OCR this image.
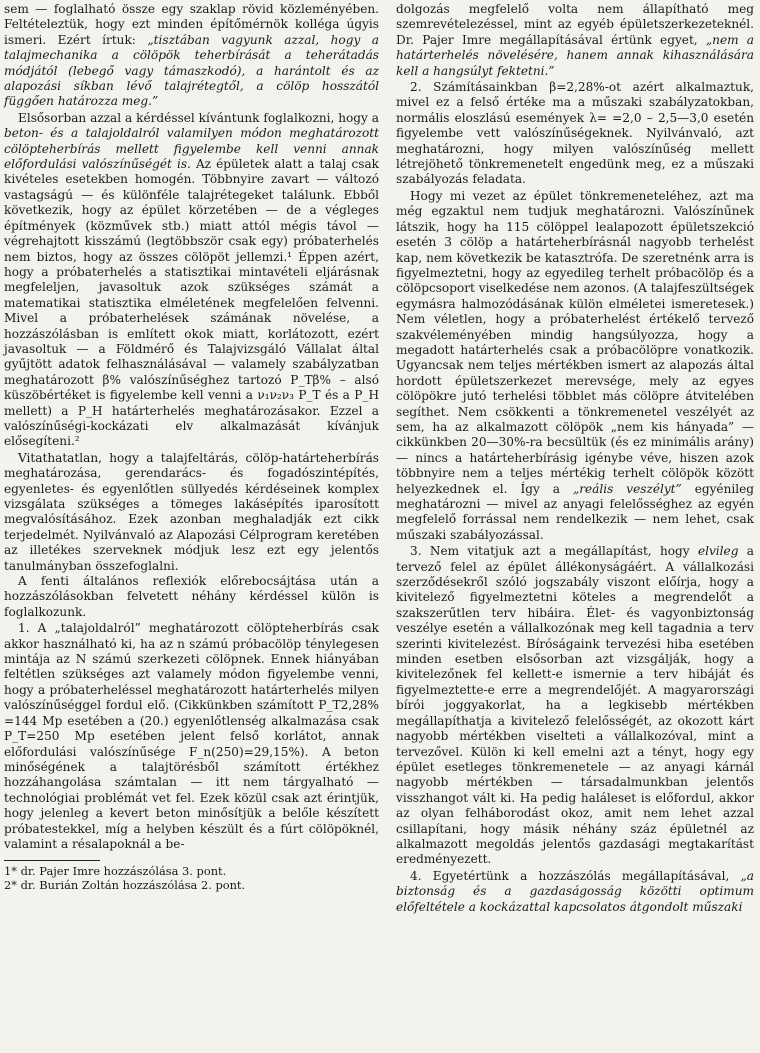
sem — foglalható össze egy szaklap rövid közleményében. Feltételeztük, hogy ezt minden építőmérnök kollégа úgyis ismeri. Ezért írtuk: „tisztában vagyunk azzal, hogy a talajmechanika a cölöpök teherbírását a teherátadás módjától (lebegő vagy támaszkodó), a harántolt és az alapozási síkban lévő talajrétegtől, a cölöp hosszától függően határozza meg.”

Elsősorban azzal a kérdéssel kívántunk foglalkozni, hogy a beton- és a talajoldalról valamilyen módon meghatározott cölöpteherbírás mellett figyelembe kell venni annak előfordulási valószínűségét is. Az épületek alatt a talaj csak kivételes esetekben homogén. Többnyire zavart — változó vastagságú — és különféle talajrétegeket találunk. Ebből következik, hogy az épület körzetében — de a végleges építmények (közművek stb.) miatt attól mégis távol — végrehajtott kisszámú (legtöbbször csak egy) próbaterhelés nem biztos, hogy az összes cölöpöt jellemzi.¹ Éppen azért, hogy a próbaterhelés a statisztikai mintavételi eljárásnak megfeleljen, javasoltuk azok szükséges számát a matematikai statisztika elméletének megfelelően felvenni. Mivel a próbaterhelések számának növelése, a hozzászólásban is említett okok miatt, korlátozott, ezért javasoltuk — a Földmérő és Talajvizsgáló Vállalat által gyűjtött adatok felhasználásával — valamely szabályzatban meghatározott β% valószínűséghez tartozó P_Tβ% – alsó küszöbértéket is figyelembe kell venni a ν₁ν₂ν₃ P_T és a P_H mellett) a P_H határterhelés meghatározásakor. Ezzel a valószínűségi-kockázati elv alkalmazását kívánjuk elősegíteni.²

Vitathatatlan, hogy a talajfeltárás, cölöp-határteherbírás meghatározása, gerendarács- és fogadószintépítés, egyenletes- és egyenlőtlen süllyedés kérdéseinek komplex vizsgálata szükséges a tömeges lakásépítés iparosított megvalósításához. Ezek azonban meghaladják ezt cikk terjedelmét. Nyilvánvaló az Alapozási Célprogram keretében az illetékes szerveknek módjuk lesz ezt egy jelentős tanulmányban összefoglalni.

A fenti általános reflexiók előrebocsájtása után a hozzászólásokban felvetett néhány kérdéssel külön is foglalkozunk.

1. A „talajoldalról” meghatározott cölöpteherbírás csak akkor használható ki, ha az n számú próbacölöp ténylegesen mintája az N számú szerkezeti cölöpnek. Ennek hiányában feltétlen szükséges azt valamely módon figyelembe venni, hogy a próbaterheléssel meghatározott határterhelés milyen valószínűséggel fordul elő. (Cikkünkben számított P_T2,28% =144 Mp esetében a (20.) egyenlőtlenség alkalmazása csak P_T=250 Mp esetében jelent felső korlátot, annak előfordulási valószínűsége F_n(250)=29,15%). A beton minőségének a talajtörésből számított értékhez hozzáhangolása számtalan — itt nem tárgyalható — technológiai problémát vet fel. Ezek közül csak azt érintjük, hogy jelenleg a kevert beton minősítjük a belőle készített próbatestekkel, míg a helyben készült és a fúrt cölöpöknél, valamint a résalapoknál a be-

1* dr. Pajer Imre hozzászólása 3. pont.

2* dr. Burián Zoltán hozzászólása 2. pont.

dolgozás megfelelő volta nem állapítható meg szemrevételezéssel, mint az egyéb épületszerkezeteknél. Dr. Pajer Imre megállapításával értünk egyet, „nem a határterhelés növelésére, hanem annak kihasználására kell a hangsúlyt fektetni.”

2. Számításainkban β=2,28%-ot azért alkalmaztuk, mivel ez a felső értéke ma a műszaki szabályzatokban, normális eloszlású események λ= =2,0 – 2,5—3,0 esetén figyelembe vett valószínűségeknek. Nyilvánvaló, azt meghatározni, hogy milyen valószínűség mellett létrejöhető tönkremenetelt engedünk meg, ez a műszaki szabályozás feladata.

Hogy mi vezet az épület tönkremeneteléhez, azt ma még egzaktul nem tudjuk meghatározni. Valószínűnek látszik, hogy ha 115 cölöppel lealapozott épületszekció esetén 3 cölöp a határteherbírásnál nagyobb terhelést kap, nem következik be katasztrófa. De szeretnénk arra is figyelmeztetni, hogy az egyedileg terhelt próbacölöp és a cölöpcsoport viselkedése nem azonos. (A talajfeszültségek egymásra halmozódásának külön elméletei ismeretesek.) Nem véletlen, hogy a próbaterhelést értékelő tervező szakvéleményében mindig hangsúlyozza, hogy a megadott határterhelés csak a próbacölöpre vonatkozik. Ugyancsak nem teljes mértékben ismert az alapozás által hordott épületszerkezet merevsége, mely az egyes cölöpökre jutó terhelési többlet más cölöpre átvitelében segíthet. Nem csökkenti a tönkremenetel veszélyét az sem, ha az alkalmazott cölöpök „nem kis hányada” — cikkünkben 20—30%-ra becsültük (és ez minimális arány) — nincs a határteherbírásig igénybe véve, hiszen azok többnyire nem a teljes mértékig terhelt cölöpök között helyezkednek el. Így a „reális veszélyt” egyénileg meghatározni — mivel az anyagi felelősséghez az egyén megfelelő forrással nem rendelkezik — nem lehet, csak műszaki szabályozással.

3. Nem vitatjuk azt a megállapítást, hogy elvileg a tervező felel az épület állékonyságáért. A vállalkozási szerződésekről szóló jogszabály viszont előírja, hogy a kivitelező figyelmeztetni köteles a megrendelőt a szakszerűtlen terv hibáira. Élet- és vagyonbiztonság veszélye esetén a vállalkozónak meg kell tagadnia a terv szerinti kivitelezést. Bíróságaink tervezési hiba esetében minden esetben elsősorban azt vizsgálják, hogy a kivitelezőnek fel kellett-e ismernie a terv hibáját és figyelmeztette-e erre a megrendelőjét. A magyarországi bírói joggyakorlat, ha a legkisebb mértékben megállapíthatja a kivitelező felelősségét, az okozott kárt nagyobb mértékben viselteti a vállalkozóval, mint a tervezővel. Külön ki kell emelni azt a tényt, hogy egy épület esetleges tönkremenetele — az anyagi kárnál nagyobb mértékben — társadalmunkban jelentős visszhangot vált ki. Ha pedig haláleset is előfordul, akkor az olyan felháborodást okoz, amit nem lehet azzal csillapítani, hogy másik néhány száz épületnél az alkalmazott megoldás jelentős gazdasági megtakarítást eredményezett.

4. Egyetértünk a hozzászólás megállapításával, „a biztonság és a gazdaságosság közötti optimum előfeltétele a kockázattal kapcsolatos átgondolt műszaki
